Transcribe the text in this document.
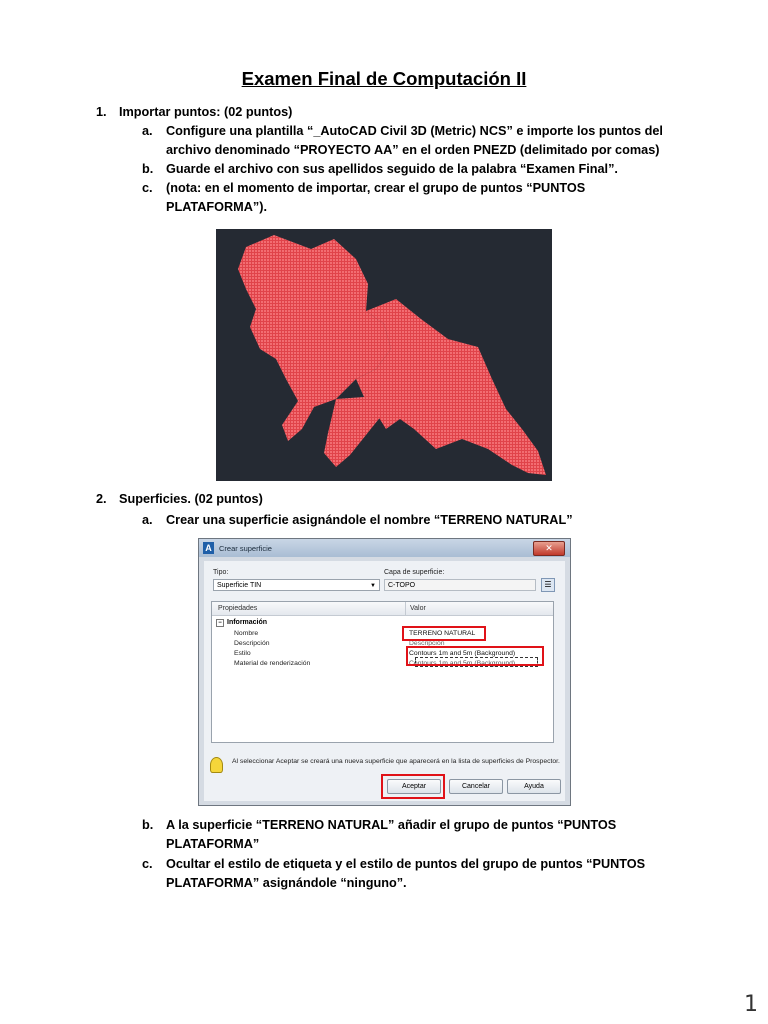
Examen Final de Computación II
1. Importar puntos: (02 puntos)
a. Configure una plantilla “_AutoCAD Civil 3D (Metric) NCS” e importe los puntos del
archivo denominado “PROYECTO AA” en el orden PNEZD (delimitado por comas)
b. Guarde el archivo con sus apellidos seguido de la palabra “Examen Final”.
c. (nota: en el momento de importar, crear el grupo de puntos “PUNTOS
PLATAFORMA”).
2. Superficies. (02 puntos)
a. Crear una superficie asignándole el nombre “TERRENO NATURAL”
A Crear superficie	✕
Tipo:
Superficie TIN	▼
Capa de superficie:
C-TOPO	☰
Propiedades	Valor
− Información
Nombre	TERRENO NATURAL
Descripción	Descripción
Estilo	Contours 1m and 5m (Background)
Material de renderización	Contours 1m and 5m (Background)
Al seleccionar Aceptar se creará una nueva superficie que aparecerá en la lista de superficies de Prospector.
Aceptar	Cancelar	Ayuda
b. A la superficie “TERRENO NATURAL” añadir el grupo de puntos “PUNTOS
PLATAFORMA”
c. Ocultar el estilo de etiqueta y el estilo de puntos del grupo de puntos “PUNTOS
PLATAFORMA” asignándole “ninguno”.
1
